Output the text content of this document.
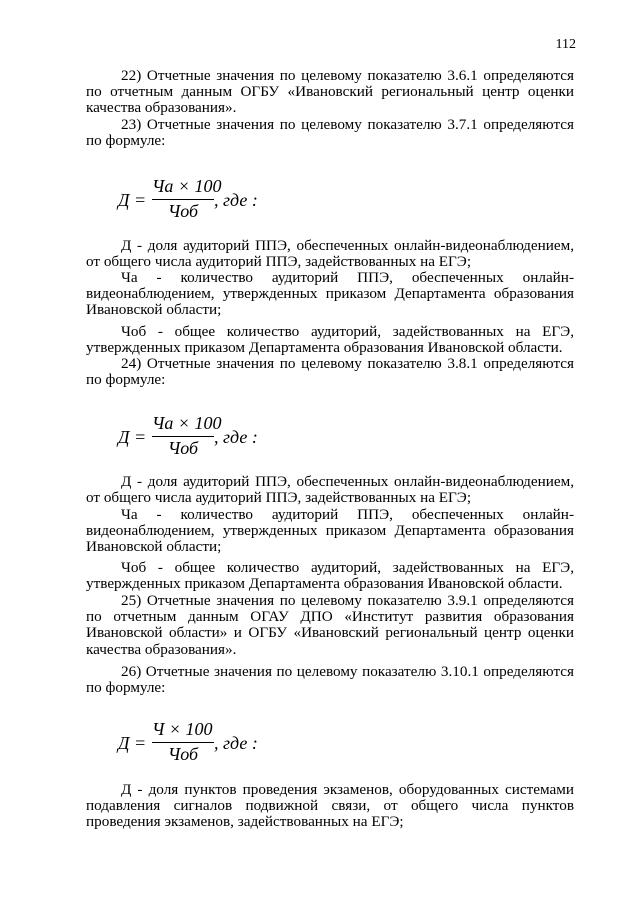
112

22) Отчетные значения по целевому показателю 3.6.1 определяются по отчетным данным ОГБУ «Ивановский региональный центр оценки качества образования».

23) Отчетные значения по целевому показателю 3.7.1 определяются по формуле:

Д =
Ча × 100
Чоб
, где :

Д - доля аудиторий ППЭ, обеспеченных онлайн-видеонаблюдением, от общего числа аудиторий ППЭ, задействованных на ЕГЭ;

Ча - количество аудиторий ППЭ, обеспеченных онлайн-видеонаблюдением, утвержденных приказом Департамента образования Ивановской области;

Чоб - общее количество аудиторий, задействованных на ЕГЭ, утвержденных приказом Департамента образования Ивановской области.

24) Отчетные значения по целевому показателю 3.8.1 определяются по формуле:

Д =
Ча × 100
Чоб
, где :

Д - доля аудиторий ППЭ, обеспеченных онлайн-видеонаблюдением, от общего числа аудиторий ППЭ, задействованных на ЕГЭ;

Ча - количество аудиторий ППЭ, обеспеченных онлайн-видеонаблюдением, утвержденных приказом Департамента образования Ивановской области;

Чоб - общее количество аудиторий, задействованных на ЕГЭ, утвержденных приказом Департамента образования Ивановской области.

25) Отчетные значения по целевому показателю 3.9.1 определяются по отчетным данным ОГАУ ДПО «Институт развития образования Ивановской области» и ОГБУ «Ивановский региональный центр оценки качества образования».

26) Отчетные значения по целевому показателю 3.10.1 определяются по формуле:

Д =
Ч × 100
Чоб
, где :

Д - доля пунктов проведения экзаменов, оборудованных системами подавления сигналов подвижной связи, от общего числа пунктов проведения экзаменов, задействованных на ЕГЭ;
